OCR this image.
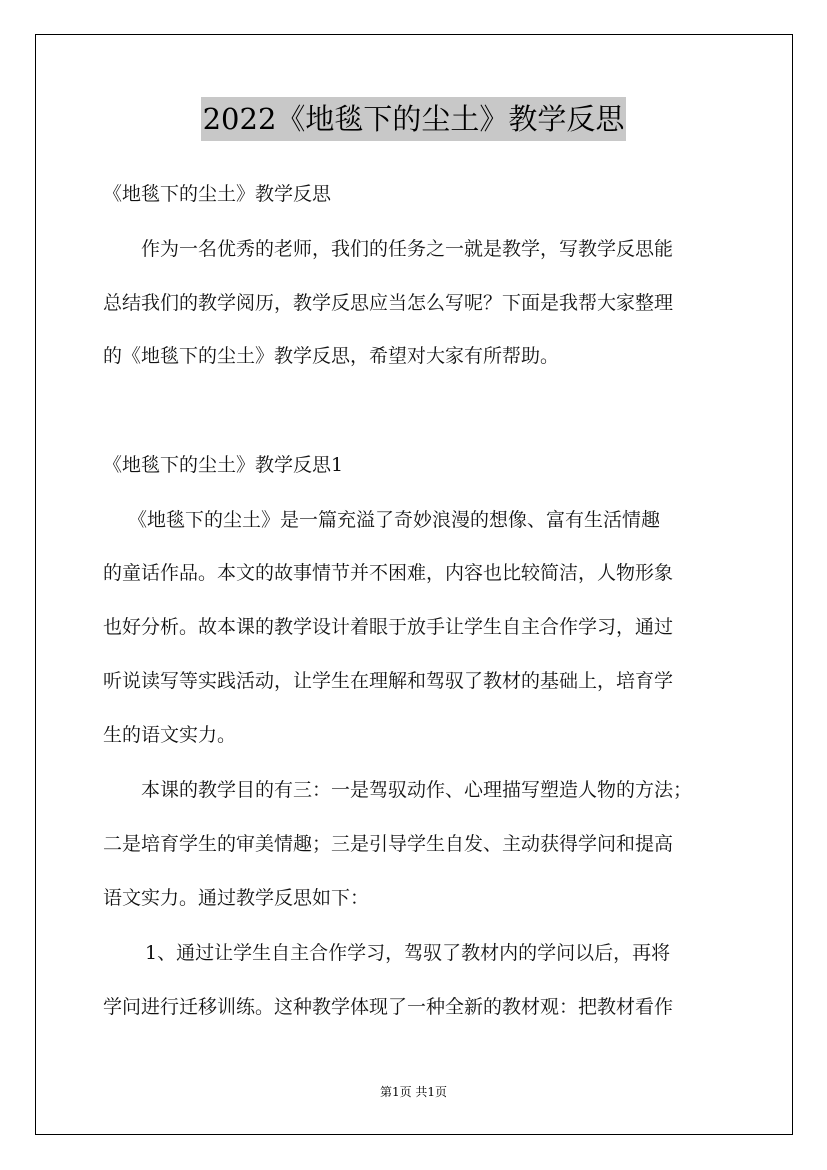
2022《地毯下的尘土》教学反思
《地毯下的尘土》教学反思
作为一名优秀的老师，我们的任务之一就是教学，写教学反思能
总结我们的教学阅历，教学反思应当怎么写呢？下面是我帮大家整理
的《地毯下的尘土》教学反思，希望对大家有所帮助。
《地毯下的尘土》教学反思1
《地毯下的尘土》是一篇充溢了奇妙浪漫的想像、富有生活情趣
的童话作品。本文的故事情节并不困难，内容也比较简洁，人物形象
也好分析。故本课的教学设计着眼于放手让学生自主合作学习，通过
听说读写等实践活动，让学生在理解和驾驭了教材的基础上，培育学
生的语文实力。
本课的教学目的有三：一是驾驭动作、心理描写塑造人物的方法；
二是培育学生的审美情趣；三是引导学生自发、主动获得学问和提高
语文实力。通过教学反思如下：
1、通过让学生自主合作学习，驾驭了教材内的学问以后，再将
学问进行迁移训练。这种教学体现了一种全新的教材观：把教材看作
第1页 共1页
